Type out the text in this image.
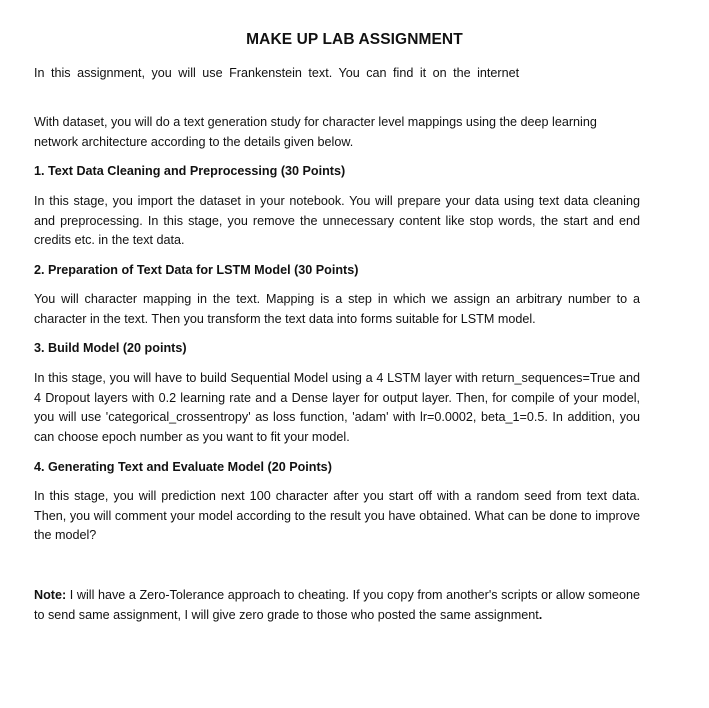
MAKE UP LAB ASSIGNMENT
In this assignment, you will use Frankenstein text. You can find it on the internet
With dataset, you will do a text generation study for character level mappings using the deep learning network architecture according to the details given below.
1. Text Data Cleaning and Preprocessing (30 Points)
In this stage, you import the dataset in your notebook. You will prepare your data using text data cleaning and preprocessing. In this stage, you remove the unnecessary content like stop words, the start and end credits etc. in the text data.
2. Preparation of Text Data for LSTM Model (30 Points)
You will character mapping in the text. Mapping is a step in which we assign an arbitrary number to a character in the text. Then you transform the text data into forms suitable for LSTM model.
3. Build Model (20 points)
In this stage, you will have to build Sequential Model using a 4 LSTM layer with return_sequences=True and 4 Dropout layers with 0.2 learning rate and a Dense layer for output layer. Then, for compile of your model, you will use 'categorical_crossentropy' as loss function, 'adam' with lr=0.0002, beta_1=0.5. In addition, you can choose epoch number as you want to fit your model.
4. Generating Text and Evaluate Model (20 Points)
In this stage, you will prediction next 100 character after you start off with a random seed from text data. Then, you will comment your model according to the result you have obtained. What can be done to improve the model?
Note: I will have a Zero-Tolerance approach to cheating. If you copy from another's scripts or allow someone to send same assignment, I will give zero grade to those who posted the same assignment.
